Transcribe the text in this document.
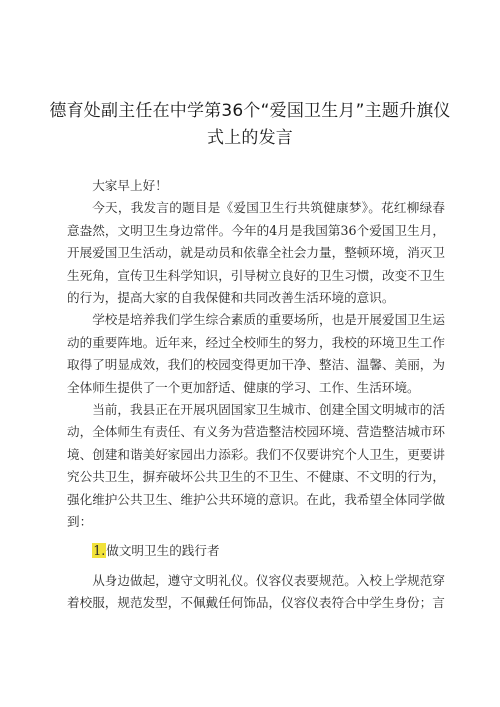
德育处副主任在中学第36个“爱国卫生月”主题升旗仪
式上的发言

大家早上好！

今天，我发言的题目是《爱国卫生行共筑健康梦》。花红柳绿春意盎然，文明卫生身边常伴。今年的4月是我国第36个爱国卫生月，开展爱国卫生活动，就是动员和依靠全社会力量，整顿环境，消灭卫生死角，宣传卫生科学知识，引导树立良好的卫生习惯，改变不卫生的行为，提高大家的自我保健和共同改善生活环境的意识。

学校是培养我们学生综合素质的重要场所，也是开展爱国卫生运动的重要阵地。近年来，经过全校师生的努力，我校的环境卫生工作取得了明显成效，我们的校园变得更加干净、整洁、温馨、美丽，为全体师生提供了一个更加舒适、健康的学习、工作、生活环境。

当前，我县正在开展巩固国家卫生城市、创建全国文明城市的活动，全体师生有责任、有义务为营造整洁校园环境、营造整洁城市环境、创建和谐美好家园出力添彩。我们不仅要讲究个人卫生，更要讲究公共卫生，摒弃破坏公共卫生的不卫生、不健康、不文明的行为，强化维护公共卫生、维护公共环境的意识。在此，我希望全体同学做到：

1.做文明卫生的践行者

从身边做起，遵守文明礼仪。仪容仪表要规范。入校上学规范穿着校服，规范发型，不佩戴任何饰品，仪容仪表符合中学生身份；言
